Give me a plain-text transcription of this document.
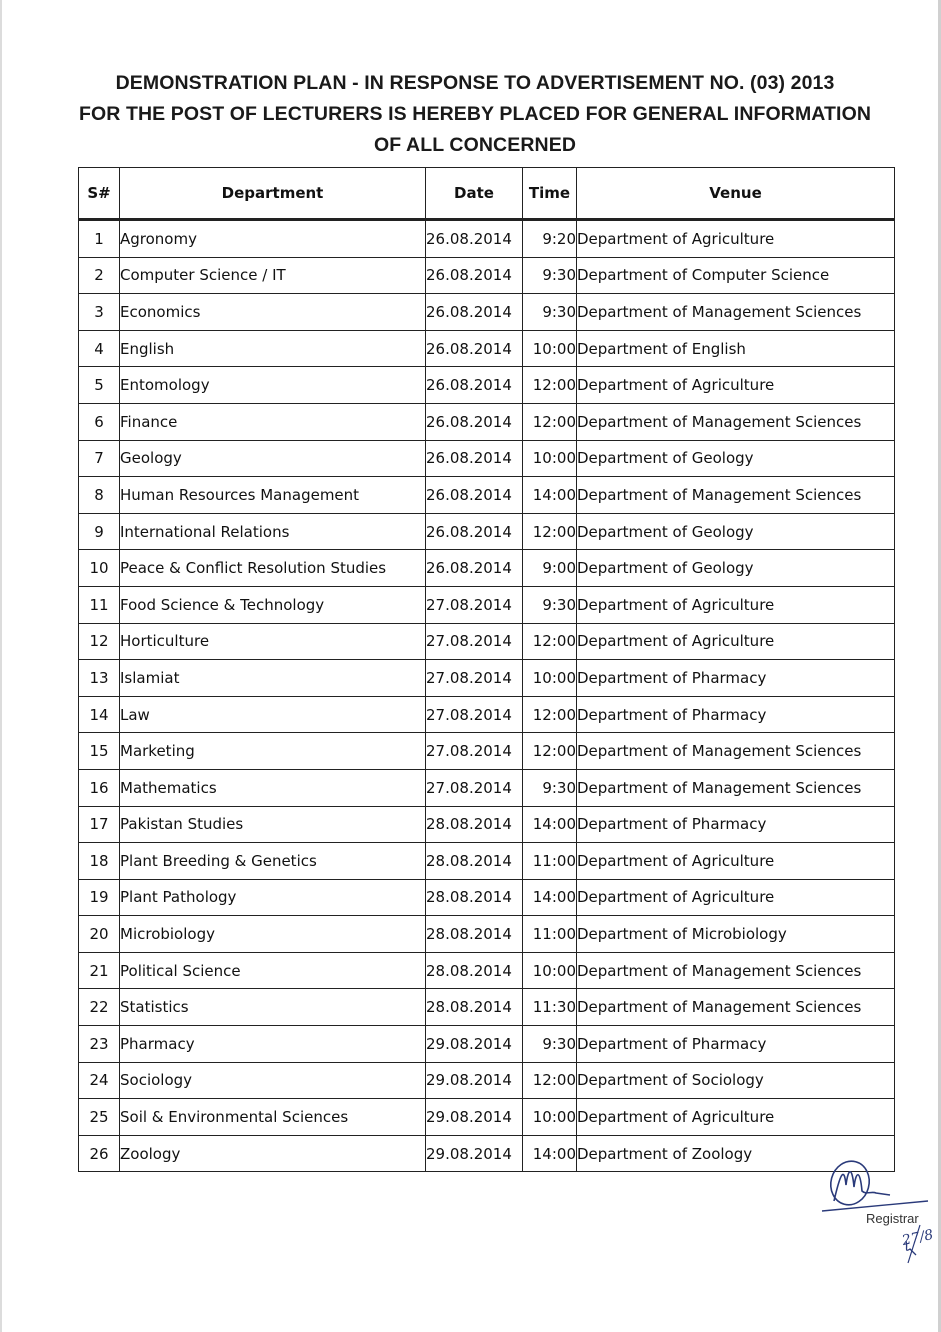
DEMONSTRATION PLAN - IN RESPONSE TO ADVERTISEMENT NO. (03) 2013
FOR THE POST OF LECTURERS IS HEREBY PLACED FOR GENERAL INFORMATION
OF ALL CONCERNED
S#	Department	Date	Time	Venue
1	Agronomy	26.08.2014	9:20	Department of Agriculture
2	Computer Science / IT	26.08.2014	9:30	Department of Computer Science
3	Economics	26.08.2014	9:30	Department of Management Sciences
4	English	26.08.2014	10:00	Department of English
5	Entomology	26.08.2014	12:00	Department of Agriculture
6	Finance	26.08.2014	12:00	Department of Management Sciences
7	Geology	26.08.2014	10:00	Department of Geology
8	Human Resources Management	26.08.2014	14:00	Department of Management Sciences
9	International Relations	26.08.2014	12:00	Department of Geology
10	Peace & Conflict Resolution Studies	26.08.2014	9:00	Department of Geology
11	Food Science & Technology	27.08.2014	9:30	Department of Agriculture
12	Horticulture	27.08.2014	12:00	Department of Agriculture
13	Islamiat	27.08.2014	10:00	Department of Pharmacy
14	Law	27.08.2014	12:00	Department of Pharmacy
15	Marketing	27.08.2014	12:00	Department of Management Sciences
16	Mathematics	27.08.2014	9:30	Department of Management Sciences
17	Pakistan Studies	28.08.2014	14:00	Department of Pharmacy
18	Plant Breeding & Genetics	28.08.2014	11:00	Department of Agriculture
19	Plant Pathology	28.08.2014	14:00	Department of Agriculture
20	Microbiology	28.08.2014	11:00	Department of Microbiology
21	Political Science	28.08.2014	10:00	Department of Management Sciences
22	Statistics	28.08.2014	11:30	Department of Management Sciences
23	Pharmacy	29.08.2014	9:30	Department of Pharmacy
24	Sociology	29.08.2014	12:00	Department of Sociology
25	Soil & Environmental Sciences	29.08.2014	10:00	Department of Agriculture
26	Zoology	29.08.2014	14:00	Department of Zoology
Registrar
27/8
